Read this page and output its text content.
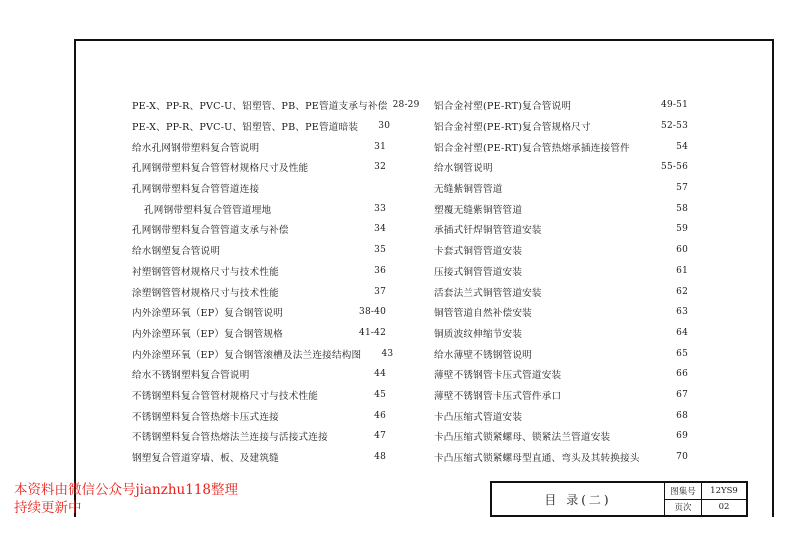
PE-X、PP-R、PVC-U、铝塑管、PB、PE管道支承与补偿 28-29
PE-X、PP-R、PVC-U、铝塑管、PB、PE管道暗装	30
给水孔网钢带塑料复合管说明	31
孔网钢带塑料复合管管材规格尺寸及性能	32
孔网钢带塑料复合管管道连接
孔网钢带塑料复合管管道埋地	33
孔网钢带塑料复合管管道支承与补偿	34
给水钢塑复合管说明	35
衬塑钢管管材规格尺寸与技术性能	36
涂塑钢管管材规格尺寸与技术性能	37
内外涂塑环氧（EP）复合钢管说明	38-40
内外涂塑环氧（EP）复合钢管规格	41-42
内外涂塑环氧（EP）复合钢管滚槽及法兰连接结构图	43
给水不锈钢塑料复合管说明	44
不锈钢塑料复合管管材规格尺寸与技术性能	45
不锈钢塑料复合管热熔卡压式连接	46
不锈钢塑料复合管热熔法兰连接与活接式连接	47
钢塑复合管道穿墙、板、及建筑缝	48
铝合金衬塑(PE-RT)复合管说明	49-51
铝合金衬塑(PE-RT)复合管规格尺寸	52-53
铝合金衬塑(PE-RT)复合管热熔承插连接管件	54
给水钢管说明	55-56
无缝紫铜管管道	57
塑覆无缝紫铜管管道	58
承插式钎焊铜管管道安装	59
卡套式铜管管道安装	60
压接式铜管管道安装	61
活套法兰式铜管管道安装	62
铜管管道自然补偿安装	63
铜质波纹伸缩节安装	64
给水薄壁不锈钢管说明	65
薄壁不锈钢管卡压式管道安装	66
薄壁不锈钢管卡压式管件承口	67
卡凸压缩式管道安装	68
卡凸压缩式锁紧螺母、锁紧法兰管道安装	69
卡凸压缩式锁紧螺母型直通、弯头及其转换接头	70
目 录(二)
图集号	12YS9
页次	02
本资料由微信公众号jianzhu118整理
持续更新中
